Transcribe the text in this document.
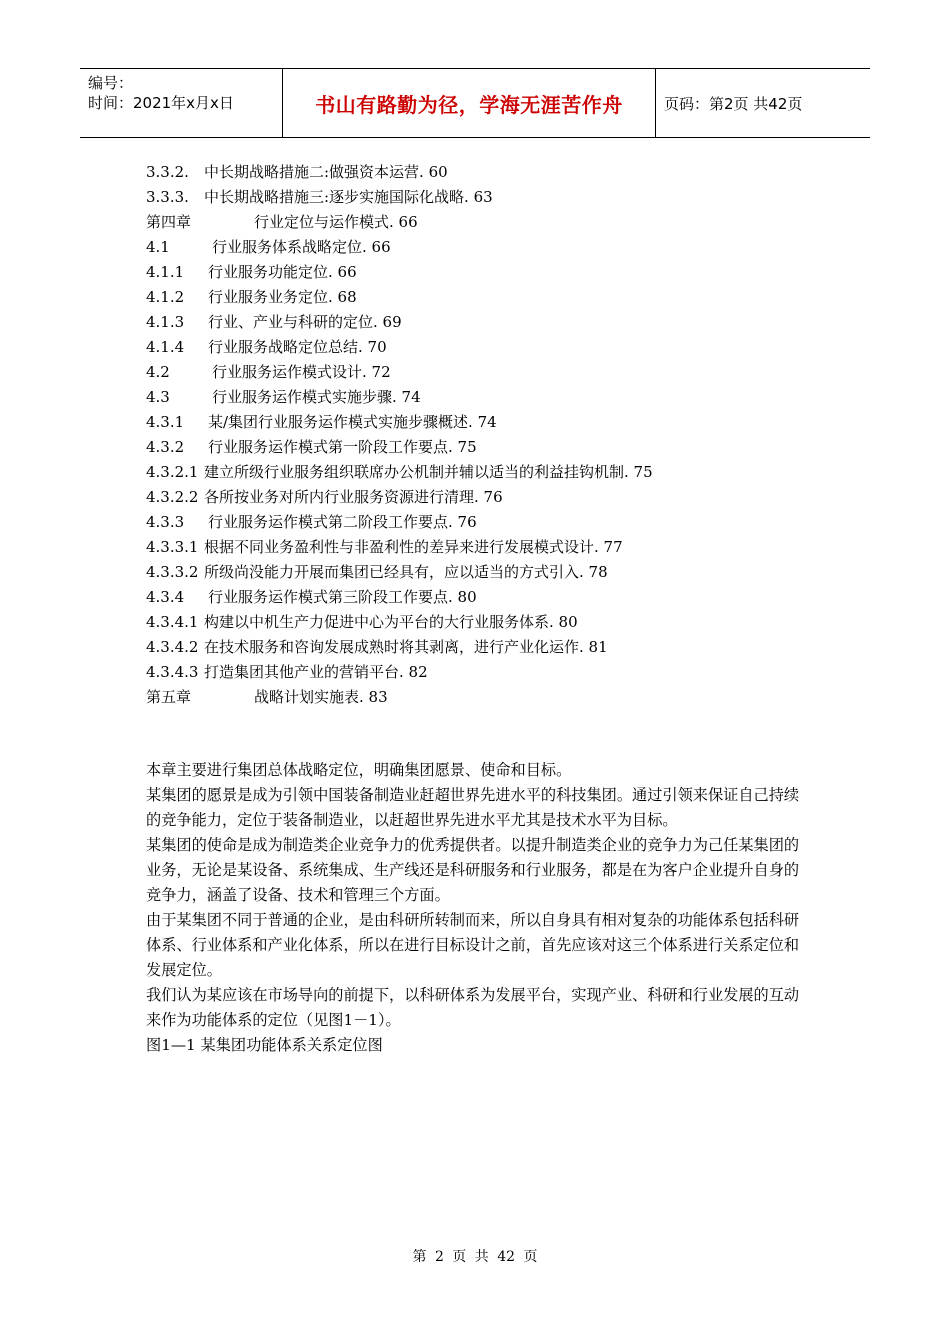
编号：
时间：2021年x月x日	书山有路勤为径，学海无涯苦作舟	页码：第2页 共42页
3.3.2.	中长期战略措施二:做强资本运营. 60
3.3.3.	中长期战略措施三:逐步实施国际化战略. 63
第四章	行业定位与运作模式. 66
4.1	行业服务体系战略定位. 66
4.1.1	行业服务功能定位. 66
4.1.2	行业服务业务定位. 68
4.1.3	行业、产业与科研的定位. 69
4.1.4	行业服务战略定位总结. 70
4.2	行业服务运作模式设计. 72
4.3	行业服务运作模式实施步骤. 74
4.3.1	某/集团行业服务运作模式实施步骤概述. 74
4.3.2	行业服务运作模式第一阶段工作要点. 75
4.3.2.1 建立所级行业服务组织联席办公机制并辅以适当的利益挂钩机制. 75
4.3.2.2 各所按业务对所内行业服务资源进行清理. 76
4.3.3	行业服务运作模式第二阶段工作要点. 76
4.3.3.1 根据不同业务盈利性与非盈利性的差异来进行发展模式设计. 77
4.3.3.2 所级尚没能力开展而集团已经具有，应以适当的方式引入. 78
4.3.4	行业服务运作模式第三阶段工作要点. 80
4.3.4.1 构建以中机生产力促进中心为平台的大行业服务体系. 80
4.3.4.2 在技术服务和咨询发展成熟时将其剥离，进行产业化运作. 81
4.3.4.3 打造集团其他产业的营销平台. 82
第五章	战略计划实施表. 83

本章主要进行集团总体战略定位，明确集团愿景、使命和目标。

某集团的愿景是成为引领中国装备制造业赶超世界先进水平的科技集团。通过引领来保证自己持续的竞争能力，定位于装备制造业，以赶超世界先进水平尤其是技术水平为目标。

某集团的使命是成为制造类企业竞争力的优秀提供者。以提升制造类企业的竞争力为己任某集团的业务，无论是某设备、系统集成、生产线还是科研服务和行业服务，都是在为客户企业提升自身的竞争力，涵盖了设备、技术和管理三个方面。

由于某集团不同于普通的企业，是由科研所转制而来，所以自身具有相对复杂的功能体系包括科研体系、行业体系和产业化体系，所以在进行目标设计之前，首先应该对这三个体系进行关系定位和发展定位。

我们认为某应该在市场导向的前提下，以科研体系为发展平台，实现产业、科研和行业发展的互动来作为功能体系的定位（见图1－1）。

图1—1 某集团功能体系关系定位图

第 2 页 共 42 页
